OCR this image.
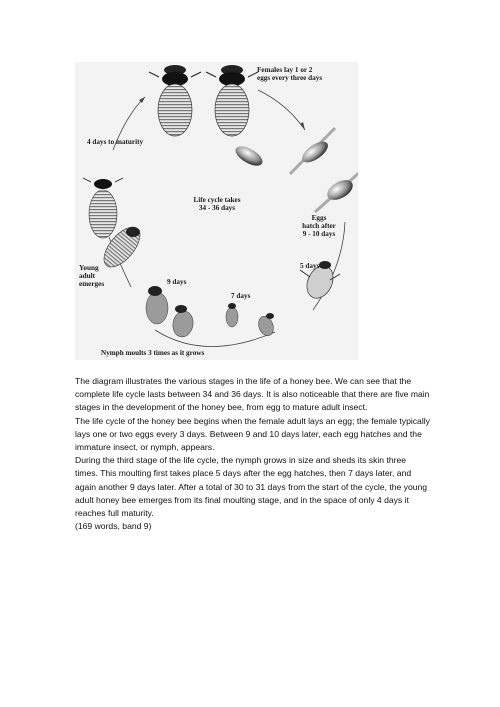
Females lay 1 or 2
eggs every three days
4 days to maturity
Life cycle takes
34 - 36 days
Eggs
hatch after
9 - 10 days
5 days
Young
adult
emerges	9 days
7 days
Nymph moults 3 times as it grows

The diagram illustrates the various stages in the life of a honey bee. We can see that the complete life cycle lasts between 34 and 36 days. It is also noticeable that there are five main stages in the development of the honey bee, from egg to mature adult insect.

The life cycle of the honey bee begins when the female adult lays an egg; the female typically lays one or two eggs every 3 days. Between 9 and 10 days later, each egg hatches and the immature insect, or nymph, appears.

During the third stage of the life cycle, the nymph grows in size and sheds its skin three times. This moulting first takes place 5 days after the egg hatches, then 7 days later, and again another 9 days later. After a total of 30 to 31 days from the start of the cycle, the young adult honey bee emerges from its final moulting stage, and in the space of only 4 days it reaches full maturity.

(169 words, band 9)
